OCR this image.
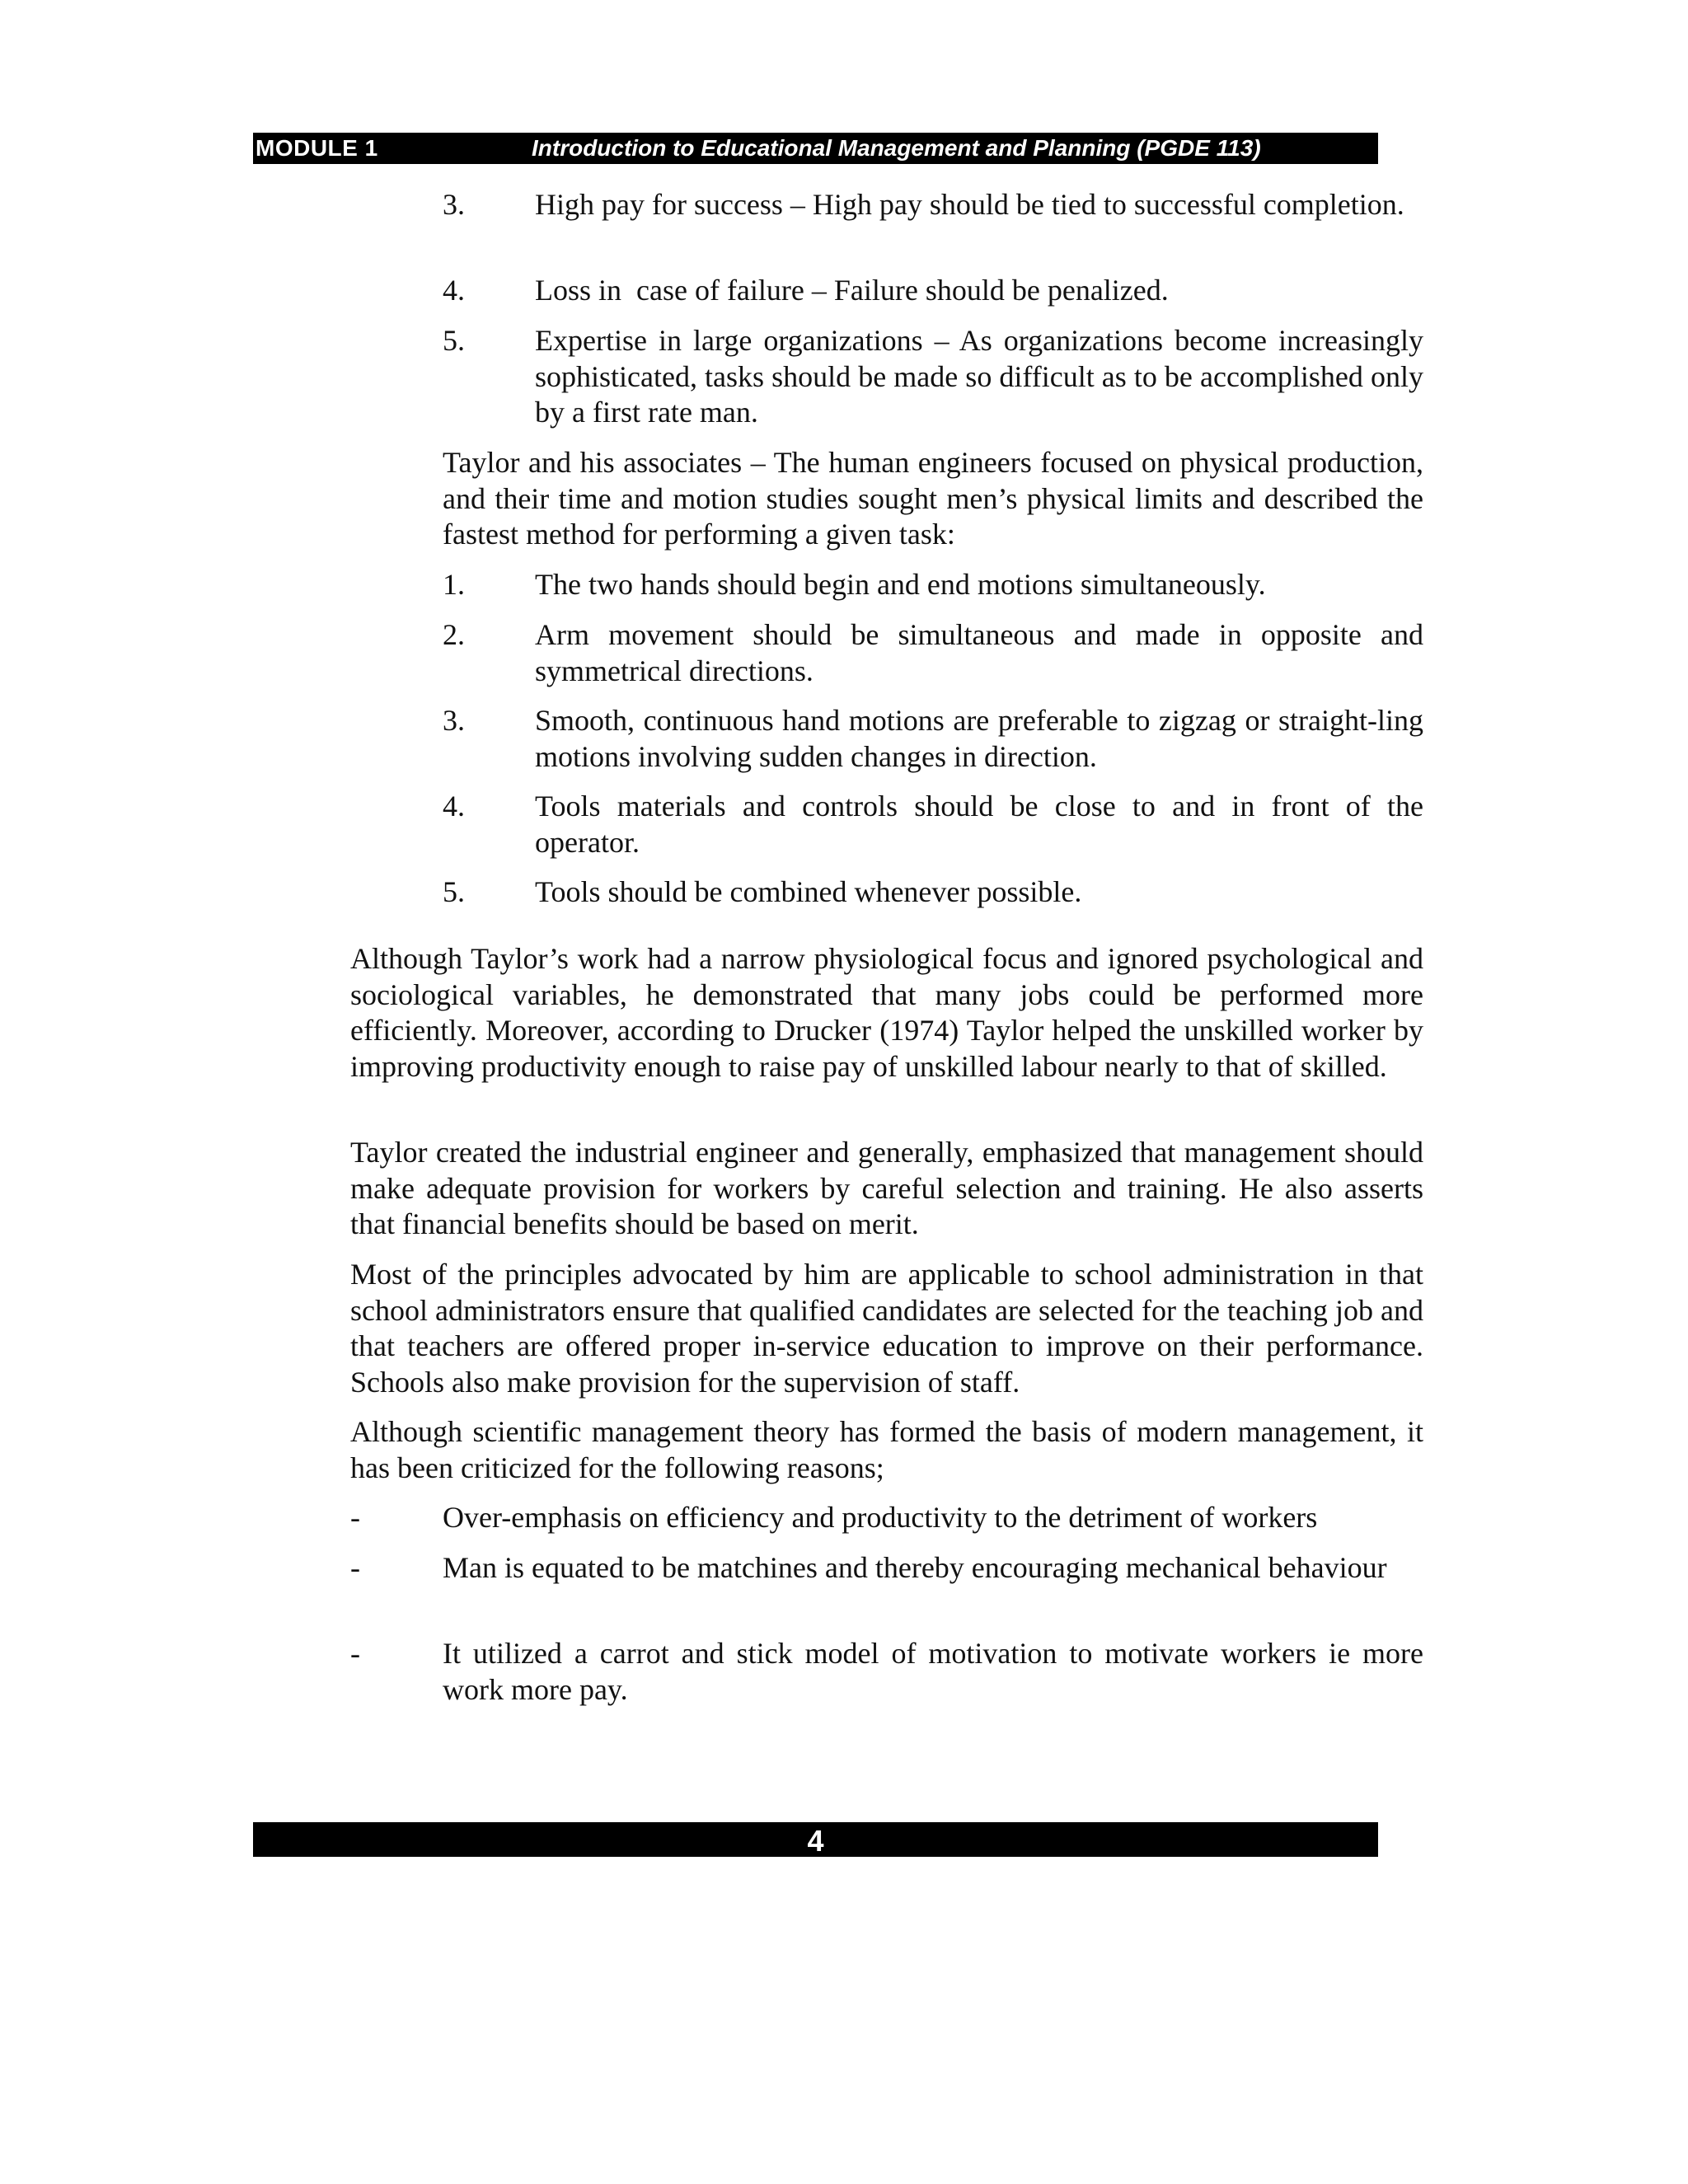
MODULE 1	Introduction to Educational Management and Planning (PGDE 113)
3. High pay for success – High pay should be tied to successful completion.
4. Loss in  case of failure – Failure should be penalized.
5. Expertise in large organizations – As organizations become increasingly sophisticated, tasks should be made so difficult as to be accomplished only by a first rate man.

Taylor and his associates – The human engineers focused on physical production, and their time and motion studies sought men’s physical limits and described the fastest method for performing a given task:

1. The two hands should begin and end motions simultaneously.
2. Arm movement should be simultaneous and made in opposite and symmetrical directions.
3. Smooth, continuous hand motions are preferable to zigzag or straight-ling motions involving sudden changes in direction.
4. Tools materials and controls should be close to and in front of the operator.
5. Tools should be combined whenever possible.

Although Taylor’s work had a narrow physiological focus and ignored psychological and sociological variables, he demonstrated that many jobs could be performed more efficiently. Moreover, according to Drucker (1974) Taylor helped the unskilled worker by improving productivity enough to raise pay of unskilled labour nearly to that of skilled.

Taylor created the industrial engineer and generally, emphasized that management should make adequate provision for workers by careful selection and training. He also asserts that financial benefits should be based on merit.

Most of the principles advocated by him are applicable to school administration in that school administrators ensure that qualified candidates are selected for the teaching job and that teachers are offered proper in-service education to improve on their performance. Schools also make provision for the supervision of staff.

Although scientific management theory has formed the basis of modern management, it has been criticized for the following reasons;

-	Over-emphasis on efficiency and productivity to the detriment of workers
-	Man is equated to be matchines and thereby encouraging mechanical behaviour
-	It utilized a carrot and stick model of motivation to motivate workers ie more work more pay.
4
